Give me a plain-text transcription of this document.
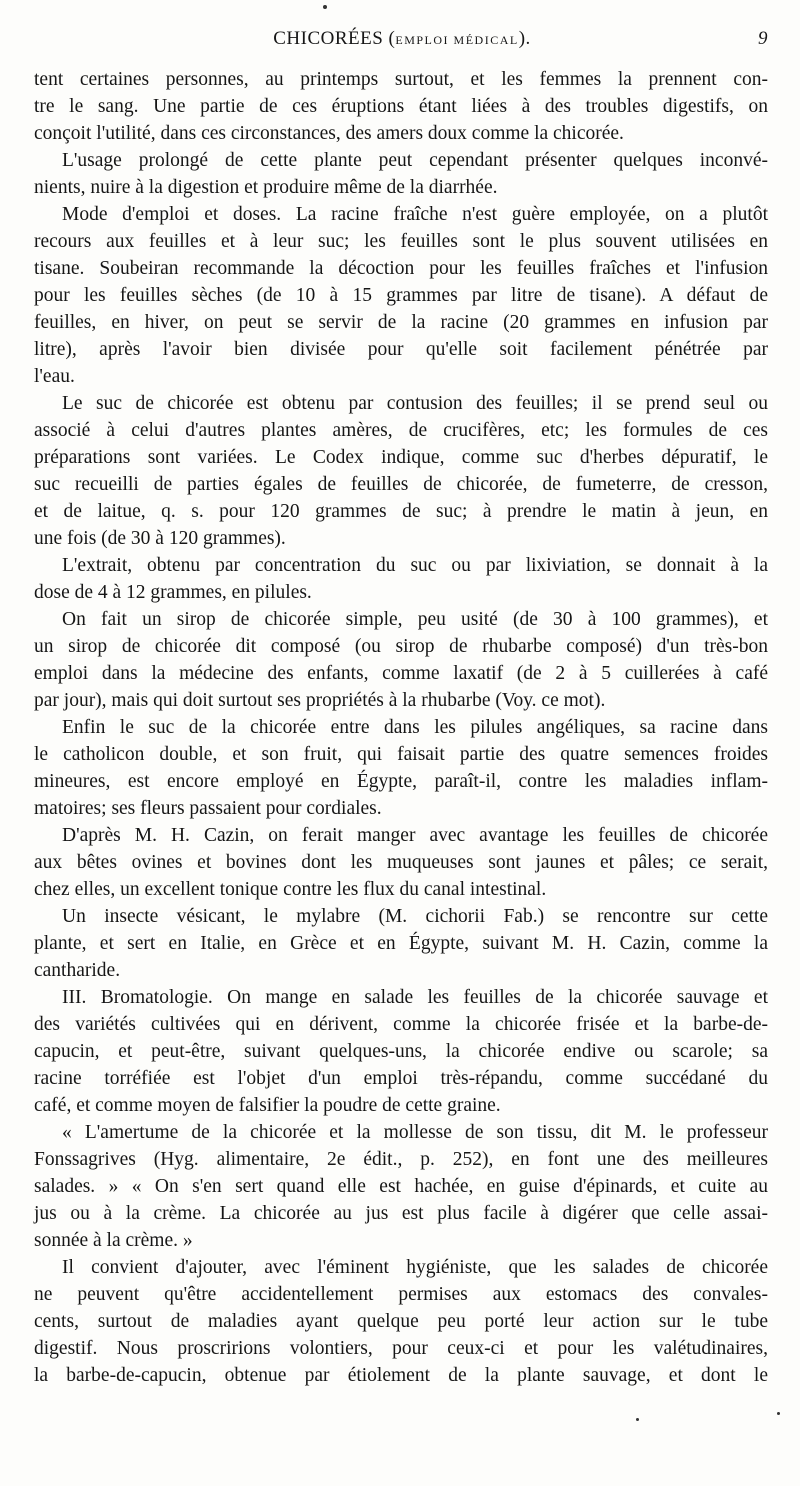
CHICORÉES (EMPLOI MÉDICAL).	9
tent certaines personnes, au printemps surtout, et les femmes la prennent con-
tre le sang. Une partie de ces éruptions étant liées à des troubles digestifs, on
conçoit l'utilité, dans ces circonstances, des amers doux comme la chicorée.
L'usage prolongé de cette plante peut cependant présenter quelques inconvé-
nients, nuire à la digestion et produire même de la diarrhée.
Mode d'emploi et doses. La racine fraîche n'est guère employée, on a plutôt
recours aux feuilles et à leur suc; les feuilles sont le plus souvent utilisées en
tisane. Soubeiran recommande la décoction pour les feuilles fraîches et l'infusion
pour les feuilles sèches (de 10 à 15 grammes par litre de tisane). A défaut de
feuilles, en hiver, on peut se servir de la racine (20 grammes en infusion par
litre), après l'avoir bien divisée pour qu'elle soit facilement pénétrée par
l'eau.
Le suc de chicorée est obtenu par contusion des feuilles; il se prend seul ou
associé à celui d'autres plantes amères, de crucifères, etc; les formules de ces
préparations sont variées. Le Codex indique, comme suc d'herbes dépuratif, le
suc recueilli de parties égales de feuilles de chicorée, de fumeterre, de cresson,
et de laitue, q. s. pour 120 grammes de suc; à prendre le matin à jeun, en
une fois (de 30 à 120 grammes).
L'extrait, obtenu par concentration du suc ou par lixiviation, se donnait à la
dose de 4 à 12 grammes, en pilules.
On fait un sirop de chicorée simple, peu usité (de 30 à 100 grammes), et
un sirop de chicorée dit composé (ou sirop de rhubarbe composé) d'un très-bon
emploi dans la médecine des enfants, comme laxatif (de 2 à 5 cuillerées à café
par jour), mais qui doit surtout ses propriétés à la rhubarbe (Voy. ce mot).
Enfin le suc de la chicorée entre dans les pilules angéliques, sa racine dans
le catholicon double, et son fruit, qui faisait partie des quatre semences froides
mineures, est encore employé en Égypte, paraît-il, contre les maladies inflam-
matoires; ses fleurs passaient pour cordiales.
D'après M. H. Cazin, on ferait manger avec avantage les feuilles de chicorée
aux bêtes ovines et bovines dont les muqueuses sont jaunes et pâles; ce serait,
chez elles, un excellent tonique contre les flux du canal intestinal.
Un insecte vésicant, le mylabre (M. cichorii Fab.) se rencontre sur cette
plante, et sert en Italie, en Grèce et en Égypte, suivant M. H. Cazin, comme la
cantharide.
III. Bromatologie. On mange en salade les feuilles de la chicorée sauvage et
des variétés cultivées qui en dérivent, comme la chicorée frisée et la barbe-de-
capucin, et peut-être, suivant quelques-uns, la chicorée endive ou scarole; sa
racine torréfiée est l'objet d'un emploi très-répandu, comme succédané du
café, et comme moyen de falsifier la poudre de cette graine.
« L'amertume de la chicorée et la mollesse de son tissu, dit M. le professeur
Fonssagrives (Hyg. alimentaire, 2e édit., p. 252), en font une des meilleures
salades. » « On s'en sert quand elle est hachée, en guise d'épinards, et cuite au
jus ou à la crème. La chicorée au jus est plus facile à digérer que celle assai-
sonnée à la crème. »
Il convient d'ajouter, avec l'éminent hygiéniste, que les salades de chicorée
ne peuvent qu'être accidentellement permises aux estomacs des convales-
cents, surtout de maladies ayant quelque peu porté leur action sur le tube
digestif. Nous proscririons volontiers, pour ceux-ci et pour les valétudinaires,
la barbe-de-capucin, obtenue par étiolement de la plante sauvage, et dont le
